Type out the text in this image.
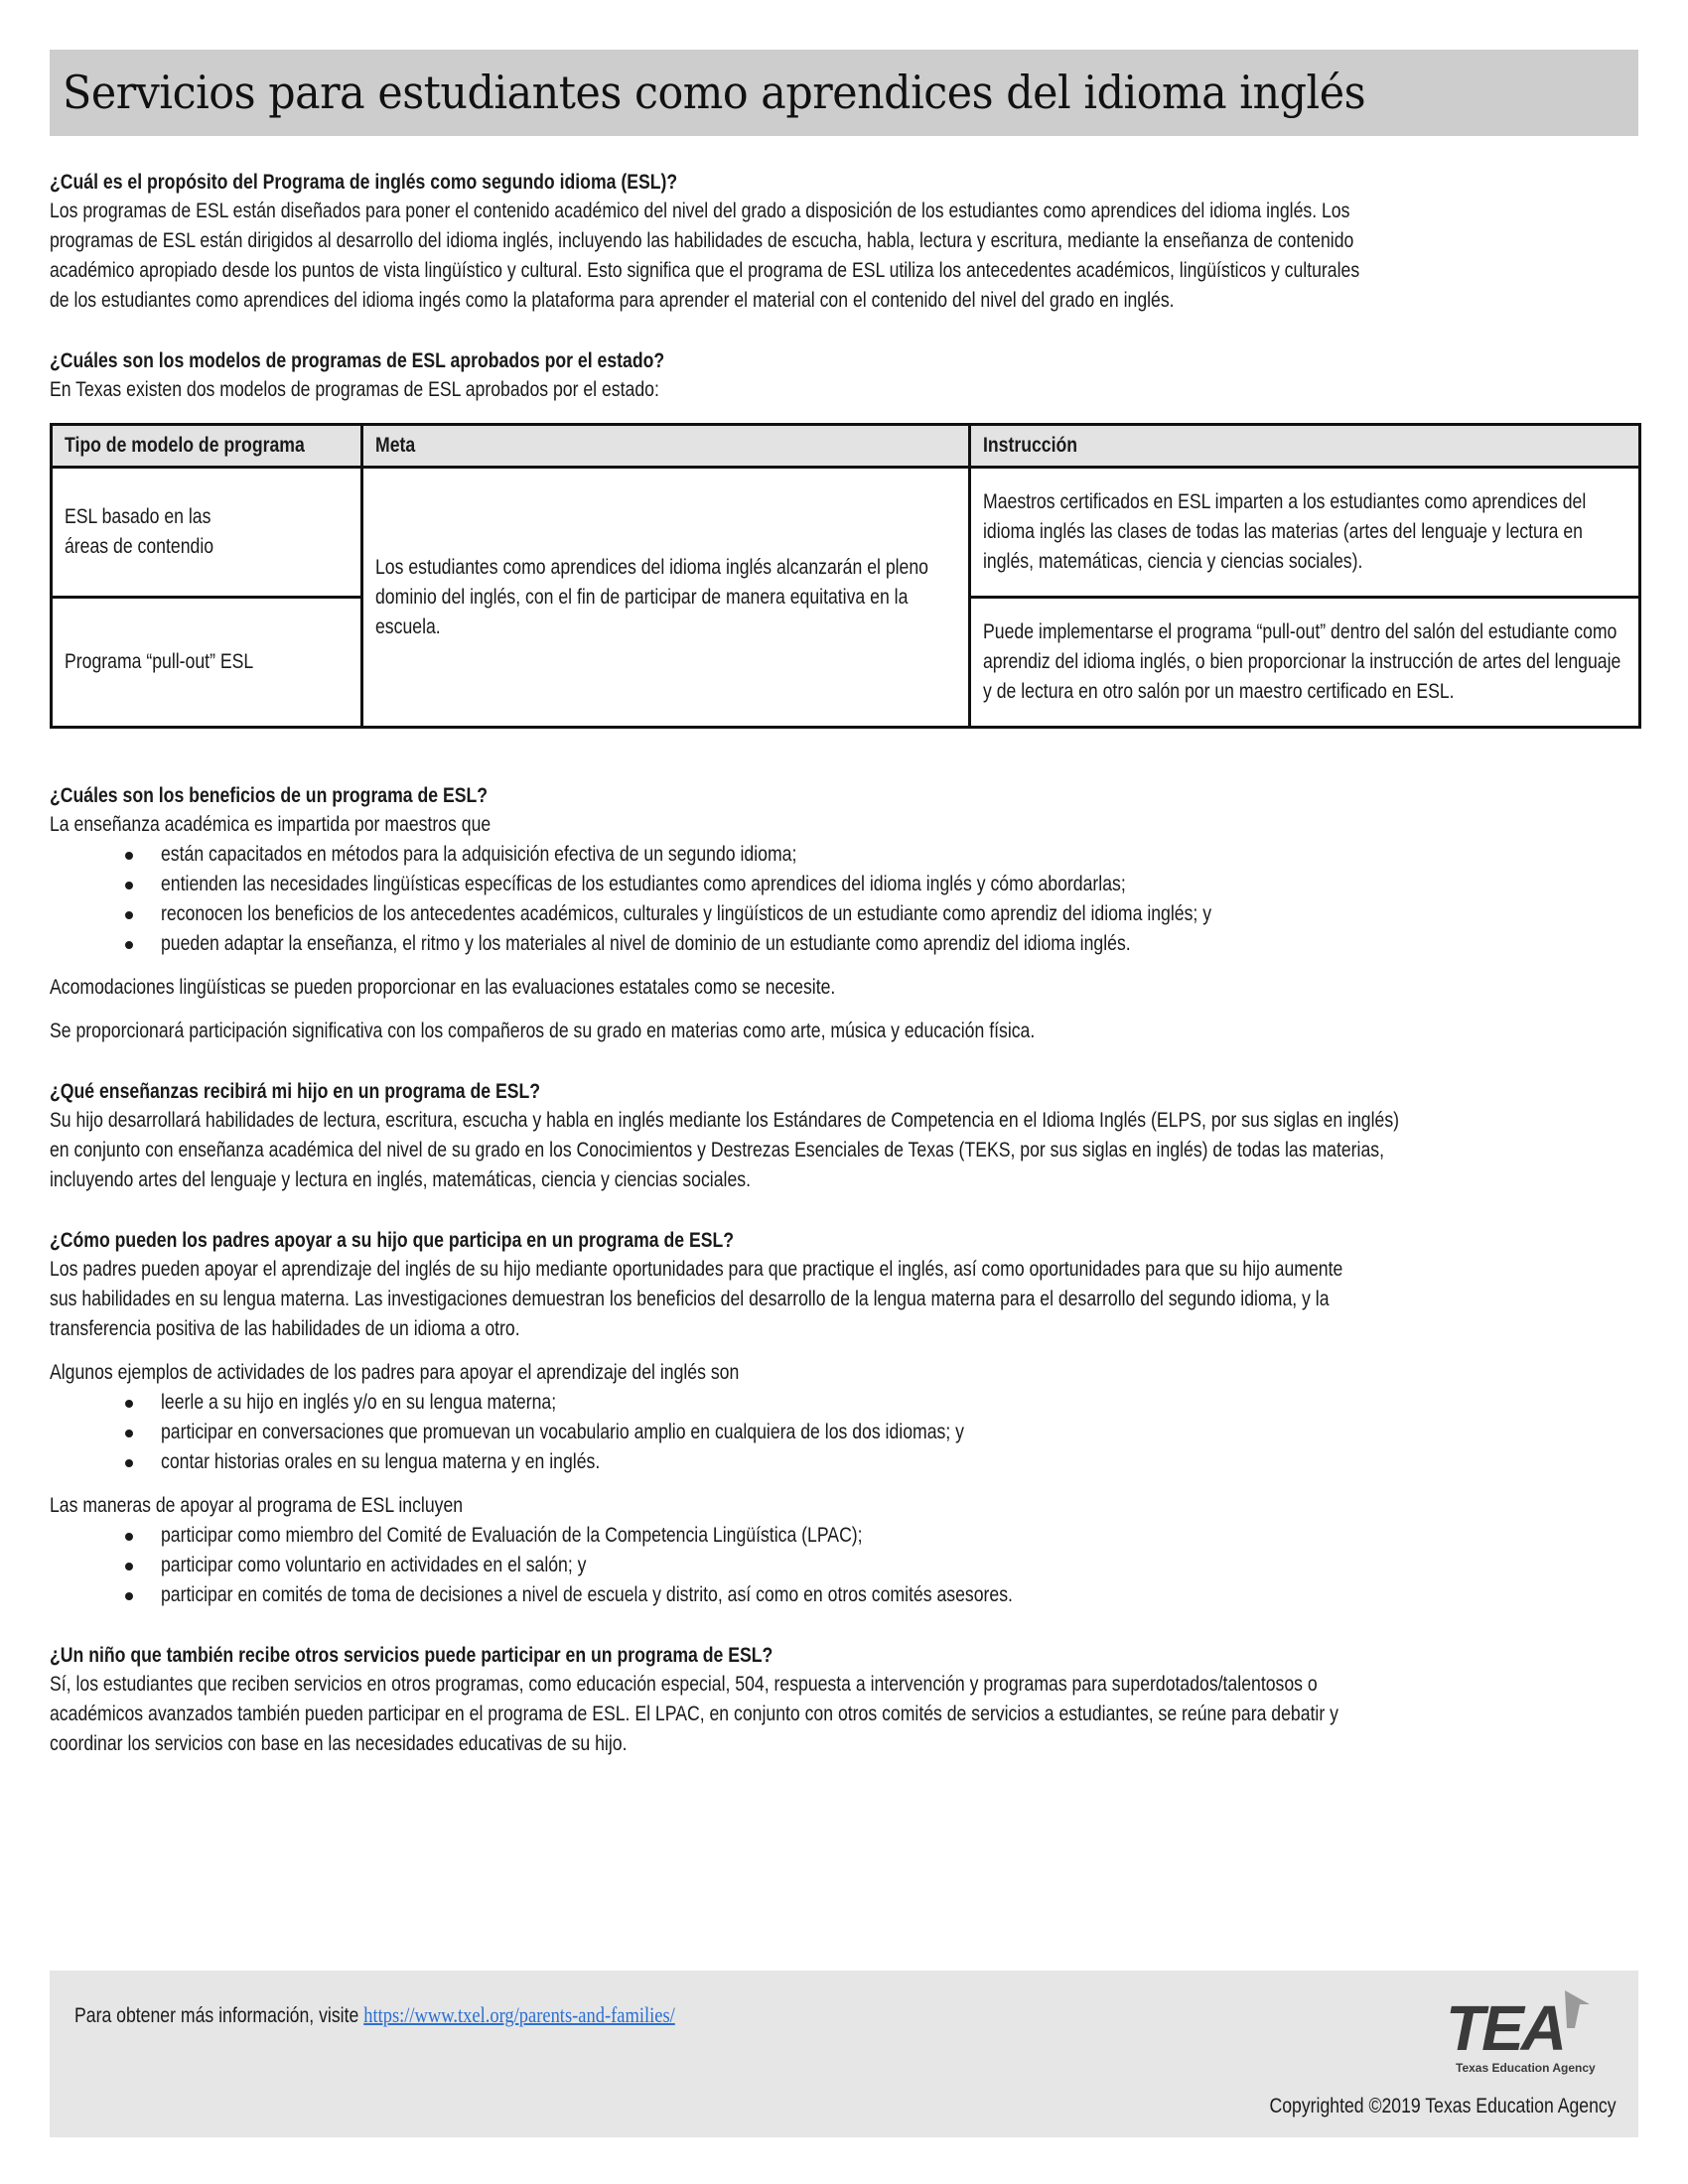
Servicios para estudiantes como aprendices del idioma inglés

¿Cuál es el propósito del Programa de inglés como segundo idioma (ESL)?

Los programas de ESL están diseñados para poner el contenido académico del nivel del grado a disposición de los estudiantes como aprendices del idioma inglés. Los
programas de ESL están dirigidos al desarrollo del idioma inglés, incluyendo las habilidades de escucha, habla, lectura y escritura, mediante la enseñanza de contenido
académico apropiado desde los puntos de vista lingüístico y cultural. Esto significa que el programa de ESL utiliza los antecedentes académicos, lingüísticos y culturales
de los estudiantes como aprendices del idioma ingés como la plataforma para aprender el material con el contenido del nivel del grado en inglés.

¿Cuáles son los modelos de programas de ESL aprobados por el estado?

En Texas existen dos modelos de programas de ESL aprobados por el estado:

Tipo de modelo de programa	Meta	Instrucción

ESL basado en las áreas de contendio	Los estudiantes como aprendices del idioma inglés alcanzarán el pleno dominio del inglés, con el fin de participar de manera equitativa en la escuela.	Maestros certificados en ESL imparten a los estudiantes como aprendices del idioma inglés las clases de todas las materias (artes del lenguaje y lectura en inglés, matemáticas, ciencia y ciencias sociales).

Programa “pull-out” ESL		Puede implementarse el programa “pull-out” dentro del salón del estudiante como aprendiz del idioma inglés, o bien proporcionar la instrucción de artes del lenguaje y de lectura en otro salón por un maestro certificado en ESL.

¿Cuáles son los beneficios de un programa de ESL?

La enseñanza académica es impartida por maestros que

están capacitados en métodos para la adquisición efectiva de un segundo idioma;
entienden las necesidades lingüísticas específicas de los estudiantes como aprendices del idioma inglés y cómo abordarlas;
reconocen los beneficios de los antecedentes académicos, culturales y lingüísticos de un estudiante como aprendiz del idioma inglés; y
pueden adaptar la enseñanza, el ritmo y los materiales al nivel de dominio de un estudiante como aprendiz del idioma inglés.

Acomodaciones lingüísticas se pueden proporcionar en las evaluaciones estatales como se necesite.

Se proporcionará participación significativa con los compañeros de su grado en materias como arte, música y educación física.

¿Qué enseñanzas recibirá mi hijo en un programa de ESL?

Su hijo desarrollará habilidades de lectura, escritura, escucha y habla en inglés mediante los Estándares de Competencia en el Idioma Inglés (ELPS, por sus siglas en inglés)
en conjunto con enseñanza académica del nivel de su grado en los Conocimientos y Destrezas Esenciales de Texas (TEKS, por sus siglas en inglés) de todas las materias,
incluyendo artes del lenguaje y lectura en inglés, matemáticas, ciencia y ciencias sociales.

¿Cómo pueden los padres apoyar a su hijo que participa en un programa de ESL?

Los padres pueden apoyar el aprendizaje del inglés de su hijo mediante oportunidades para que practique el inglés, así como oportunidades para que su hijo aumente
sus habilidades en su lengua materna. Las investigaciones demuestran los beneficios del desarrollo de la lengua materna para el desarrollo del segundo idioma, y la
transferencia positiva de las habilidades de un idioma a otro.

Algunos ejemplos de actividades de los padres para apoyar el aprendizaje del inglés son

leerle a su hijo en inglés y/o en su lengua materna;
participar en conversaciones que promuevan un vocabulario amplio en cualquiera de los dos idiomas; y
contar historias orales en su lengua materna y en inglés.

Las maneras de apoyar al programa de ESL incluyen

participar como miembro del Comité de Evaluación de la Competencia Lingüística (LPAC);
participar como voluntario en actividades en el salón; y
participar en comités de toma de decisiones a nivel de escuela y distrito, así como en otros comités asesores.

¿Un niño que también recibe otros servicios puede participar en un programa de ESL?

Sí, los estudiantes que reciben servicios en otros programas, como educación especial, 504, respuesta a intervención y programas para superdotados/talentosos o
académicos avanzados también pueden participar en el programa de ESL. El LPAC, en conjunto con otros comités de servicios a estudiantes, se reúne para debatir y
coordinar los servicios con base en las necesidades educativas de su hijo.

Para obtener más información, visite https://www.txel.org/parents-and-families/	TEA
Texas Education Agency
Copyrighted ©2019 Texas Education Agency
